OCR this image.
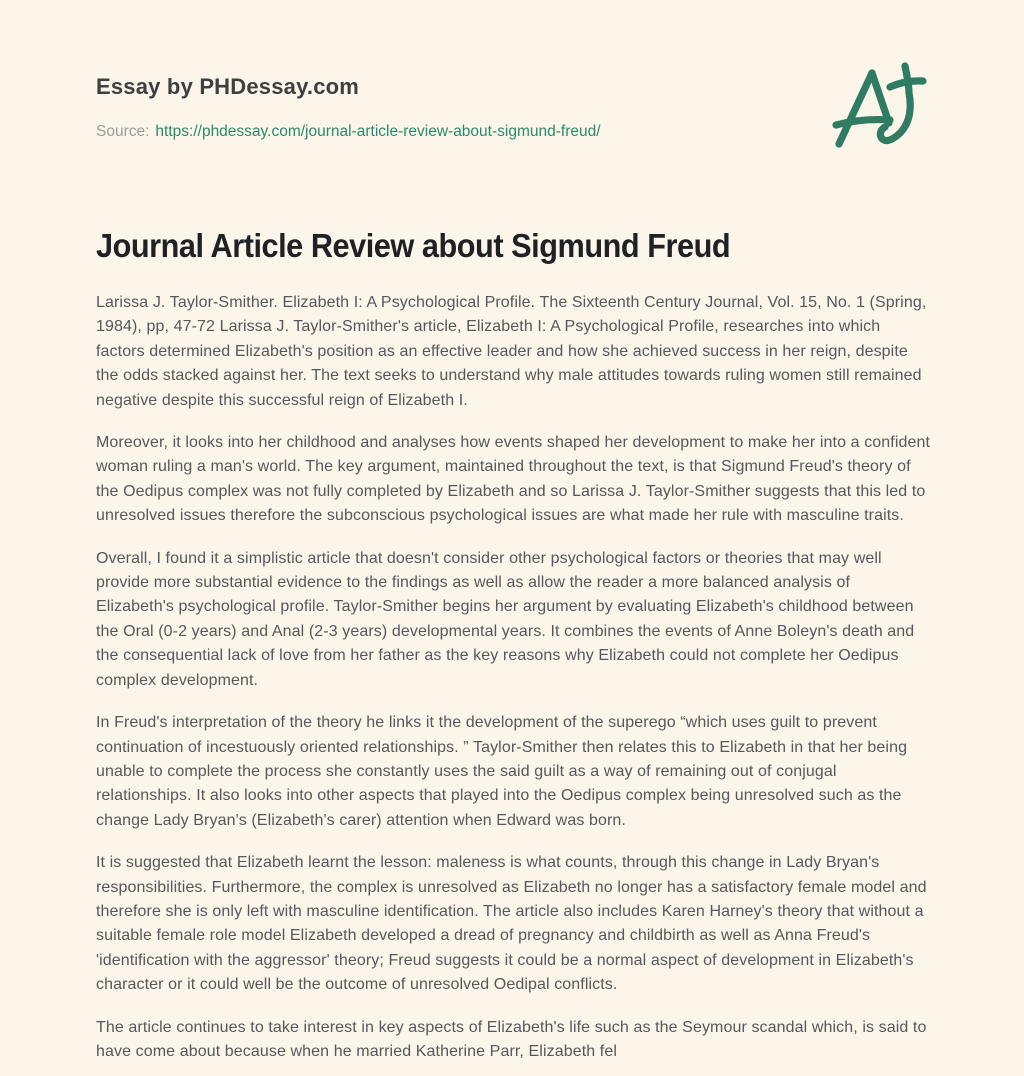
Essay by PHDessay.com
Source: https://phdessay.com/journal-article-review-about-sigmund-freud/
Journal Article Review about Sigmund Freud

Larissa J. Taylor-Smither. Elizabeth I: A Psychological Profile. The Sixteenth Century Journal, Vol. 15, No. 1 (Spring, 1984), pp, 47-72 Larissa J. Taylor-Smither's article, Elizabeth I: A Psychological Profile, researches into which factors determined Elizabeth's position as an effective leader and how she achieved success in her reign, despite the odds stacked against her. The text seeks to understand why male attitudes towards ruling women still remained negative despite this successful reign of Elizabeth I.

Moreover, it looks into her childhood and analyses how events shaped her development to make her into a confident woman ruling a man's world. The key argument, maintained throughout the text, is that Sigmund Freud's theory of the Oedipus complex was not fully completed by Elizabeth and so Larissa J. Taylor-Smither suggests that this led to unresolved issues therefore the subconscious psychological issues are what made her rule with masculine traits.

Overall, I found it a simplistic article that doesn't consider other psychological factors or theories that may well provide more substantial evidence to the findings as well as allow the reader a more balanced analysis of Elizabeth's psychological profile. Taylor-Smither begins her argument by evaluating Elizabeth's childhood between the Oral (0-2 years) and Anal (2-3 years) developmental years. It combines the events of Anne Boleyn's death and the consequential lack of love from her father as the key reasons why Elizabeth could not complete her Oedipus complex development.

In Freud's interpretation of the theory he links it the development of the superego “which uses guilt to prevent continuation of incestuously oriented relationships. ” Taylor-Smither then relates this to Elizabeth in that her being unable to complete the process she constantly uses the said guilt as a way of remaining out of conjugal relationships. It also looks into other aspects that played into the Oedipus complex being unresolved such as the change Lady Bryan's (Elizabeth's carer) attention when Edward was born.

It is suggested that Elizabeth learnt the lesson: maleness is what counts, through this change in Lady Bryan's responsibilities. Furthermore, the complex is unresolved as Elizabeth no longer has a satisfactory female model and therefore she is only left with masculine identification. The article also includes Karen Harney's theory that without a suitable female role model Elizabeth developed a dread of pregnancy and childbirth as well as Anna Freud's 'identification with the aggressor' theory; Freud suggests it could be a normal aspect of development in Elizabeth's character or it could well be the outcome of unresolved Oedipal conflicts.

The article continues to take interest in key aspects of Elizabeth's life such as the Seymour scandal which, is said to have come about because when he married Katherine Parr, Elizabeth fel
